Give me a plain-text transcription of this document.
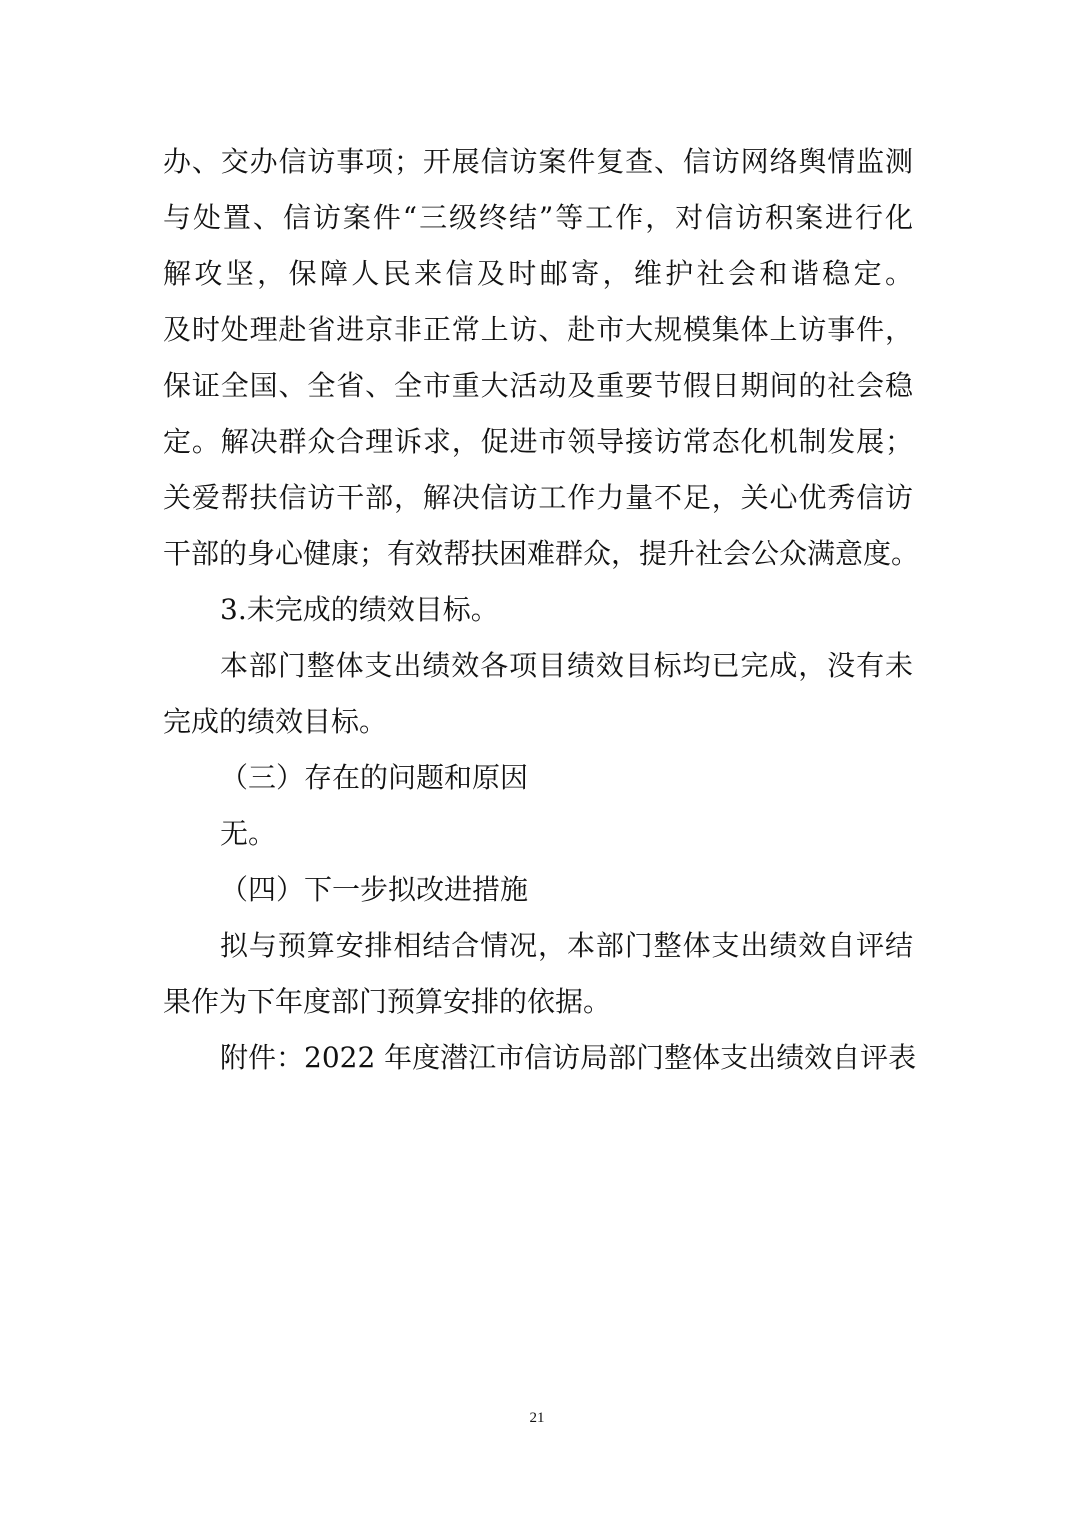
办、交办信访事项；开展信访案件复查、信访网络舆情监测
与处置、信访案件“三级终结”等工作，对信访积案进行化
解攻坚，保障人民来信及时邮寄，维护社会和谐稳定。
及时处理赴省进京非正常上访、赴市大规模集体上访事件，
保证全国、全省、全市重大活动及重要节假日期间的社会稳
定。解决群众合理诉求，促进市领导接访常态化机制发展；
关爱帮扶信访干部，解决信访工作力量不足，关心优秀信访
干部的身心健康；有效帮扶困难群众，提升社会公众满意度。
3.未完成的绩效目标。
本部门整体支出绩效各项目绩效目标均已完成，没有未
完成的绩效目标。
（三）存在的问题和原因
无。
（四）下一步拟改进措施
拟与预算安排相结合情况，本部门整体支出绩效自评结
果作为下年度部门预算安排的依据。
附件：2022 年度潜江市信访局部门整体支出绩效自评表
21
